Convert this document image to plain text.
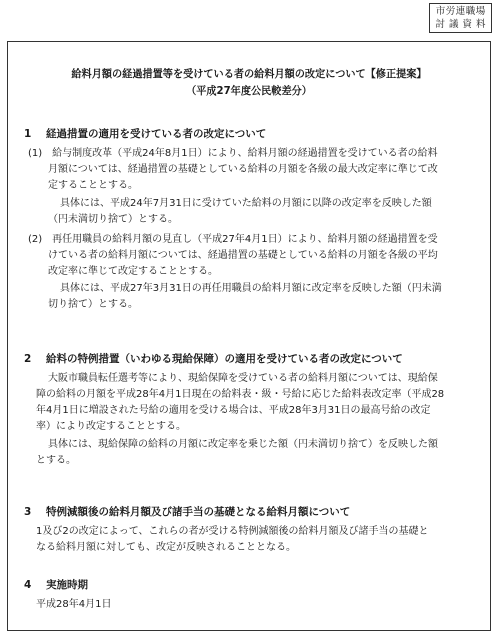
市労連職場
討 議 資 料
給料月額の経過措置等を受けている者の給料月額の改定について【修正提案】
（平成27年度公民較差分）
1 経過措置の適用を受けている者の改定について
(1)　給与制度改革（平成24年8月1日）により、給料月額の経過措置を受けている者の給料
月額については、経過措置の基礎としている給料の月額を各級の最大改定率に準じて改
定することとする。
具体には、平成24年7月31日に受けていた給料の月額に以降の改定率を反映した額
（円未満切り捨て）とする。
(2)　再任用職員の給料月額の見直し（平成27年4月1日）により、給料月額の経過措置を受
けている者の給料月額については、経過措置の基礎としている給料の月額を各級の平均
改定率に準じて改定することとする。
具体には、平成27年3月31日の再任用職員の給料月額に改定率を反映した額（円未満
切り捨て）とする。
2 給料の特例措置（いわゆる現給保障）の適用を受けている者の改定について
大阪市職員転任選考等により、現給保障を受けている者の給料月額については、現給保
障の給料の月額を平成28年4月1日現在の給料表・級・号給に応じた給料表改定率（平成28
年4月1日に増設された号給の適用を受ける場合は、平成28年3月31日の最高号給の改定
率）により改定することとする。
具体には、現給保障の給料の月額に改定率を乗じた額（円未満切り捨て）を反映した額
とする。
3 特例減額後の給料月額及び諸手当の基礎となる給料月額について
1及び2の改定によって、これらの者が受ける特例減額後の給料月額及び諸手当の基礎と
なる給料月額に対しても、改定が反映されることとなる。
4 実施時期
平成28年4月1日
